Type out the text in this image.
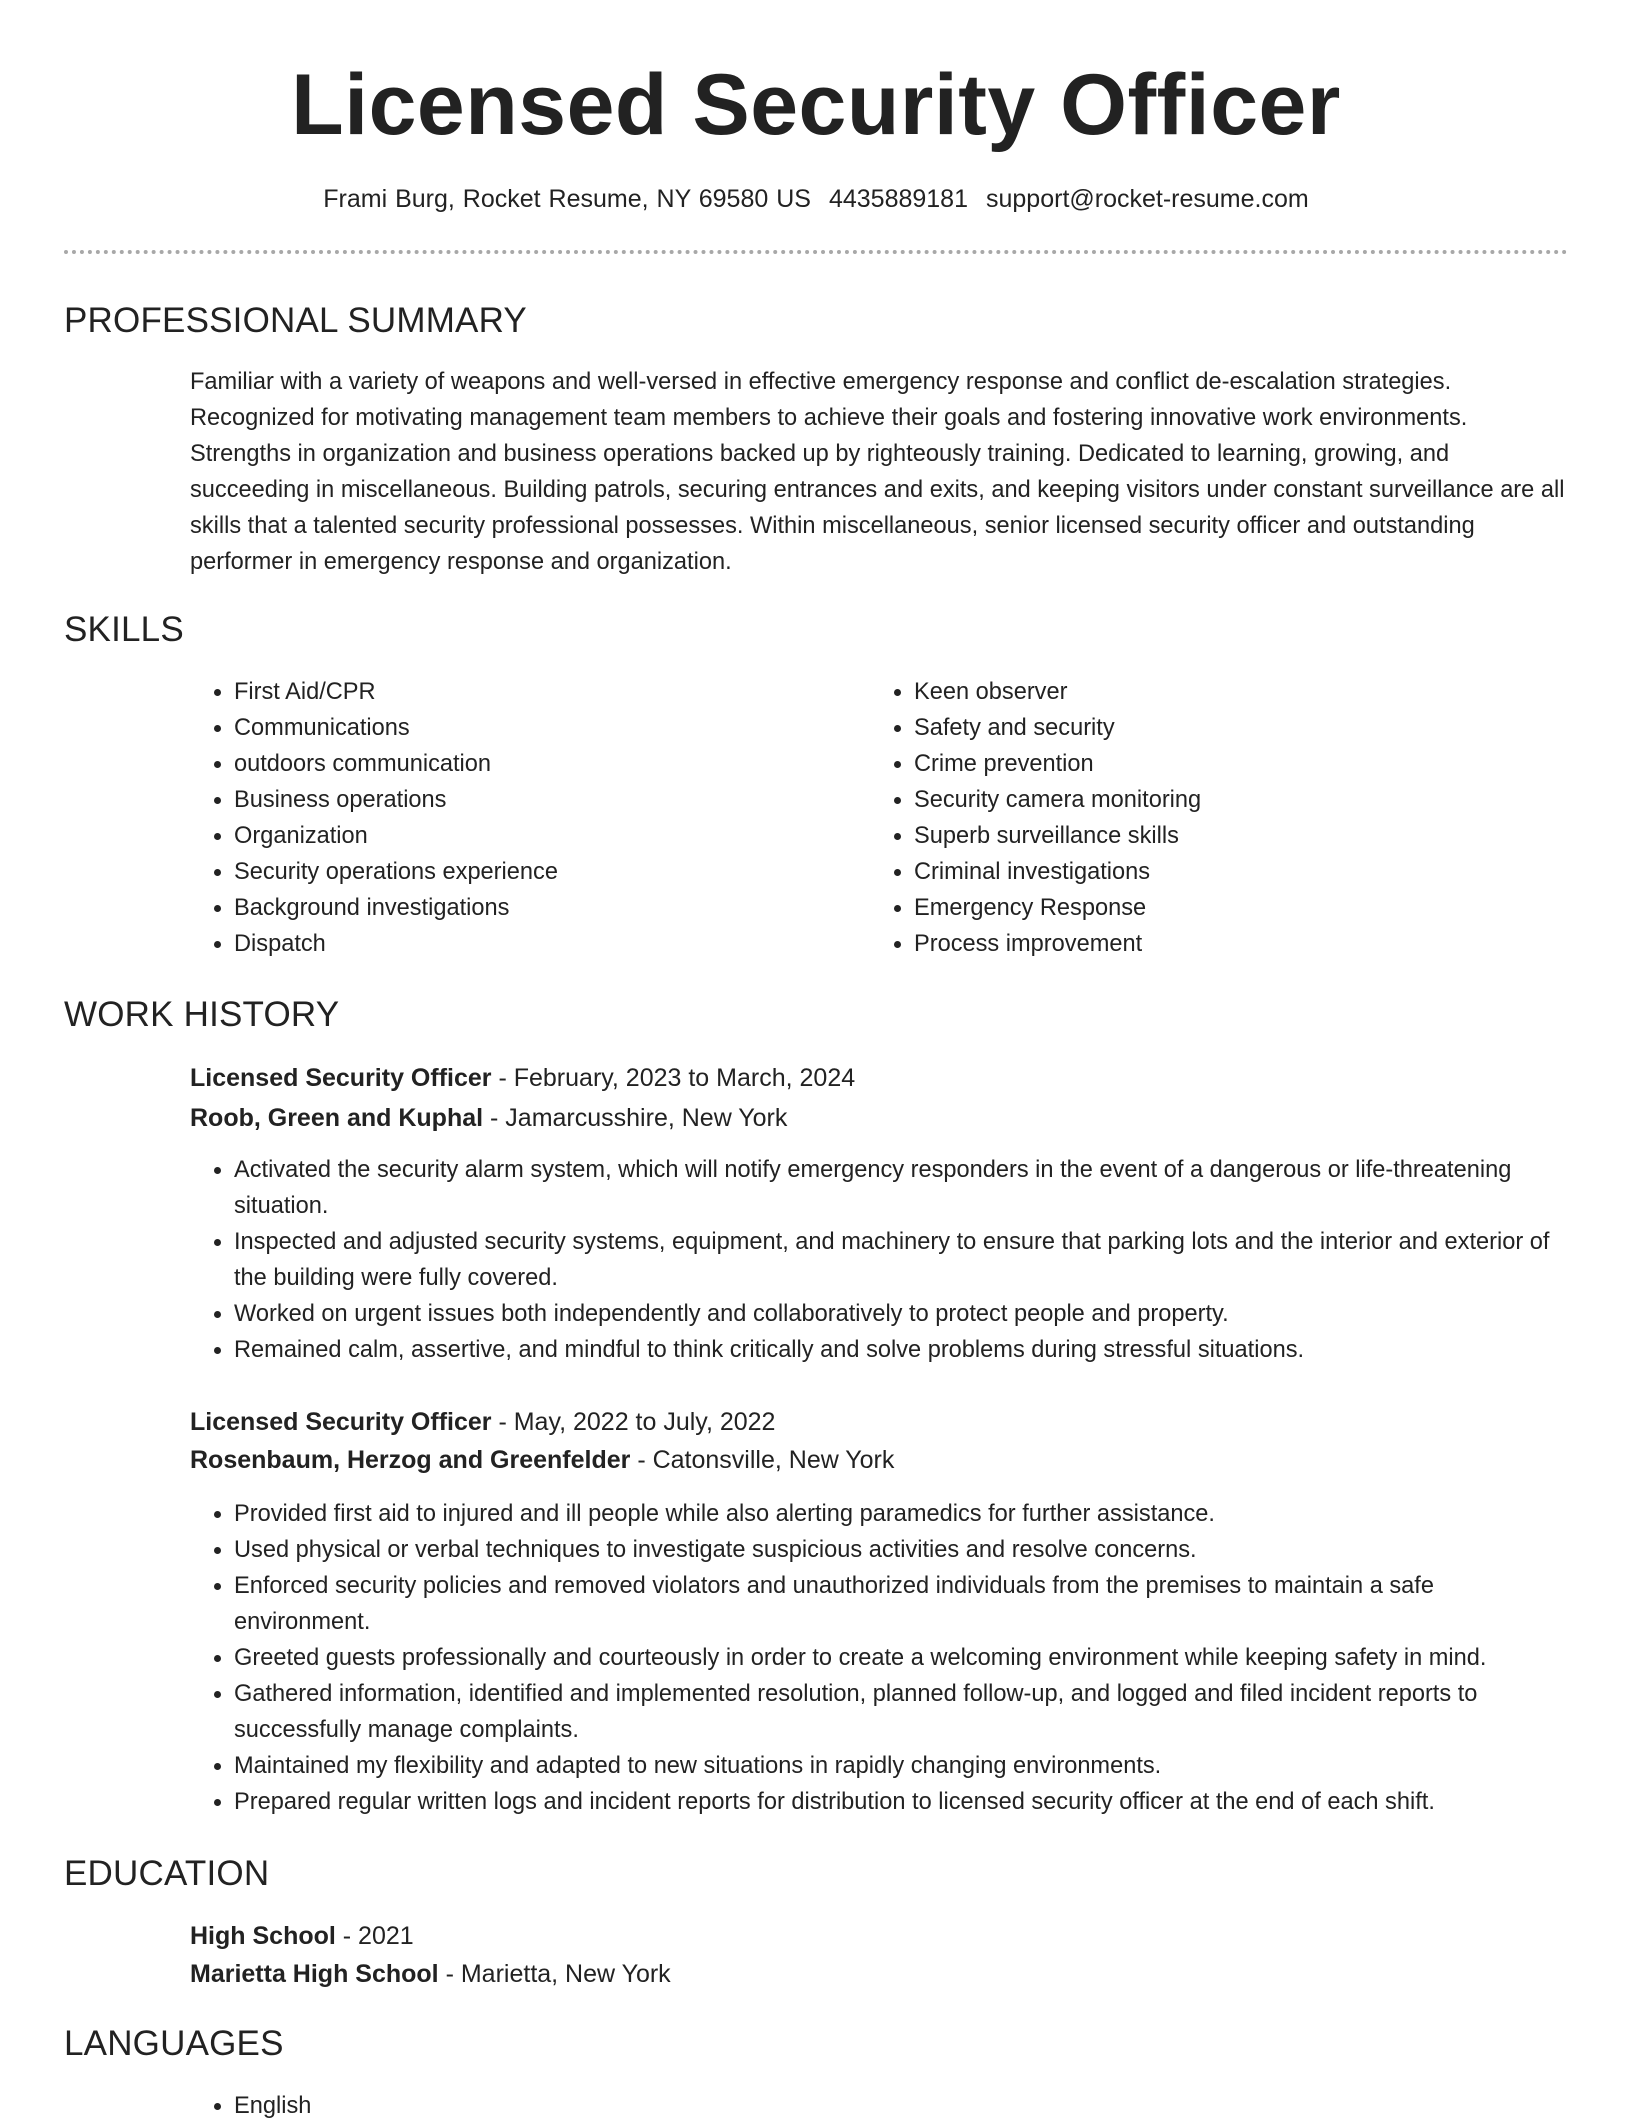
Licensed Security Officer
Frami Burg, Rocket Resume, NY 69580 US 4435889181 support@rocket-resume.com
PROFESSIONAL SUMMARY

Familiar with a variety of weapons and well-versed in effective emergency response and conflict de-escalation strategies. Recognized for motivating management team members to achieve their goals and fostering innovative work environments. Strengths in organization and business operations backed up by righteously training. Dedicated to learning, growing, and succeeding in miscellaneous. Building patrols, securing entrances and exits, and keeping visitors under constant surveillance are all skills that a talented security professional possesses. Within miscellaneous, senior licensed security officer and outstanding performer in emergency response and organization.

SKILLS
• First Aid/CPR
• Communications
• outdoors communication
• Business operations
• Organization
• Security operations experience
• Background investigations
• Dispatch
• Keen observer
• Safety and security
• Crime prevention
• Security camera monitoring
• Superb surveillance skills
• Criminal investigations
• Emergency Response
• Process improvement
WORK HISTORY
Licensed Security Officer - February, 2023 to March, 2024
Roob, Green and Kuphal - Jamarcusshire, New York
• Activated the security alarm system, which will notify emergency responders in the event of a dangerous or life-threatening situation.
• Inspected and adjusted security systems, equipment, and machinery to ensure that parking lots and the interior and exterior of the building were fully covered.
• Worked on urgent issues both independently and collaboratively to protect people and property.
• Remained calm, assertive, and mindful to think critically and solve problems during stressful situations.
Licensed Security Officer - May, 2022 to July, 2022
Rosenbaum, Herzog and Greenfelder - Catonsville, New York
• Provided first aid to injured and ill people while also alerting paramedics for further assistance.
• Used physical or verbal techniques to investigate suspicious activities and resolve concerns.
• Enforced security policies and removed violators and unauthorized individuals from the premises to maintain a safe environment.
• Greeted guests professionally and courteously in order to create a welcoming environment while keeping safety in mind.
• Gathered information, identified and implemented resolution, planned follow-up, and logged and filed incident reports to successfully manage complaints.
• Maintained my flexibility and adapted to new situations in rapidly changing environments.
• Prepared regular written logs and incident reports for distribution to licensed security officer at the end of each shift.
EDUCATION
High School - 2021
Marietta High School - Marietta, New York
LANGUAGES
• English
